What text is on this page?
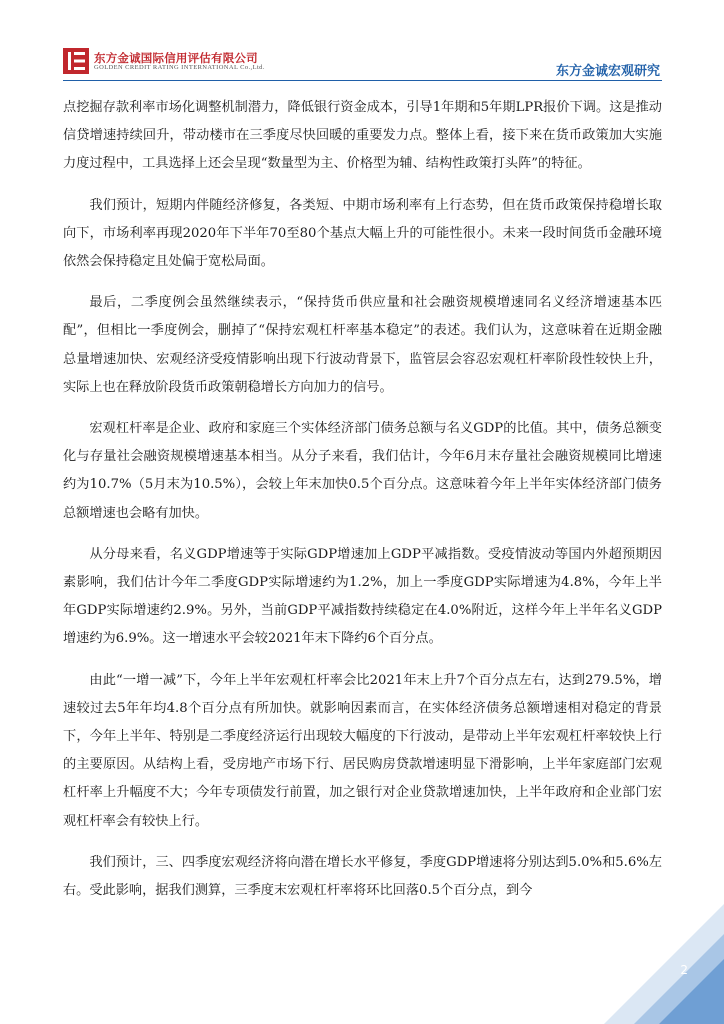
东方金诚国际信用评估有限公司
GOLDEN CREDIT RATING INTERNATIONAL Co.,Ltd.	东方金诚宏观研究

点挖掘存款利率市场化调整机制潜力，降低银行资金成本，引导1年期和5年期LPR报价下调。这是推动信贷增速持续回升，带动楼市在三季度尽快回暖的重要发力点。整体上看，接下来在货币政策加大实施力度过程中，工具选择上还会呈现“数量型为主、价格型为辅、结构性政策打头阵”的特征。

我们预计，短期内伴随经济修复，各类短、中期市场利率有上行态势，但在货币政策保持稳增长取向下，市场利率再现2020年下半年70至80个基点大幅上升的可能性很小。未来一段时间货币金融环境依然会保持稳定且处偏于宽松局面。

最后，二季度例会虽然继续表示，“保持货币供应量和社会融资规模增速同名义经济增速基本匹配”，但相比一季度例会，删掉了“保持宏观杠杆率基本稳定”的表述。我们认为，这意味着在近期金融总量增速加快、宏观经济受疫情影响出现下行波动背景下，监管层会容忍宏观杠杆率阶段性较快上升，实际上也在释放阶段货币政策朝稳增长方向加力的信号。

宏观杠杆率是企业、政府和家庭三个实体经济部门债务总额与名义GDP的比值。其中，债务总额变化与存量社会融资规模增速基本相当。从分子来看，我们估计，今年6月末存量社会融资规模同比增速约为10.7%（5月末为10.5%），会较上年末加快0.5个百分点。这意味着今年上半年实体经济部门债务总额增速也会略有加快。

从分母来看，名义GDP增速等于实际GDP增速加上GDP平减指数。受疫情波动等国内外超预期因素影响，我们估计今年二季度GDP实际增速约为1.2%，加上一季度GDP实际增速为4.8%，今年上半年GDP实际增速约2.9%。另外，当前GDP平减指数持续稳定在4.0%附近，这样今年上半年名义GDP增速约为6.9%。这一增速水平会较2021年末下降约6个百分点。

由此“一增一减”下，今年上半年宏观杠杆率会比2021年末上升7个百分点左右，达到279.5%，增速较过去5年年均4.8个百分点有所加快。就影响因素而言，在实体经济债务总额增速相对稳定的背景下，今年上半年、特别是二季度经济运行出现较大幅度的下行波动，是带动上半年宏观杠杆率较快上行的主要原因。从结构上看，受房地产市场下行、居民购房贷款增速明显下滑影响，上半年家庭部门宏观杠杆率上升幅度不大；今年专项债发行前置，加之银行对企业贷款增速加快，上半年政府和企业部门宏观杠杆率会有较快上行。

我们预计，三、四季度宏观经济将向潜在增长水平修复，季度GDP增速将分别达到5.0%和5.6%左右。受此影响，据我们测算，三季度末宏观杠杆率将环比回落0.5个百分点，到今

2
